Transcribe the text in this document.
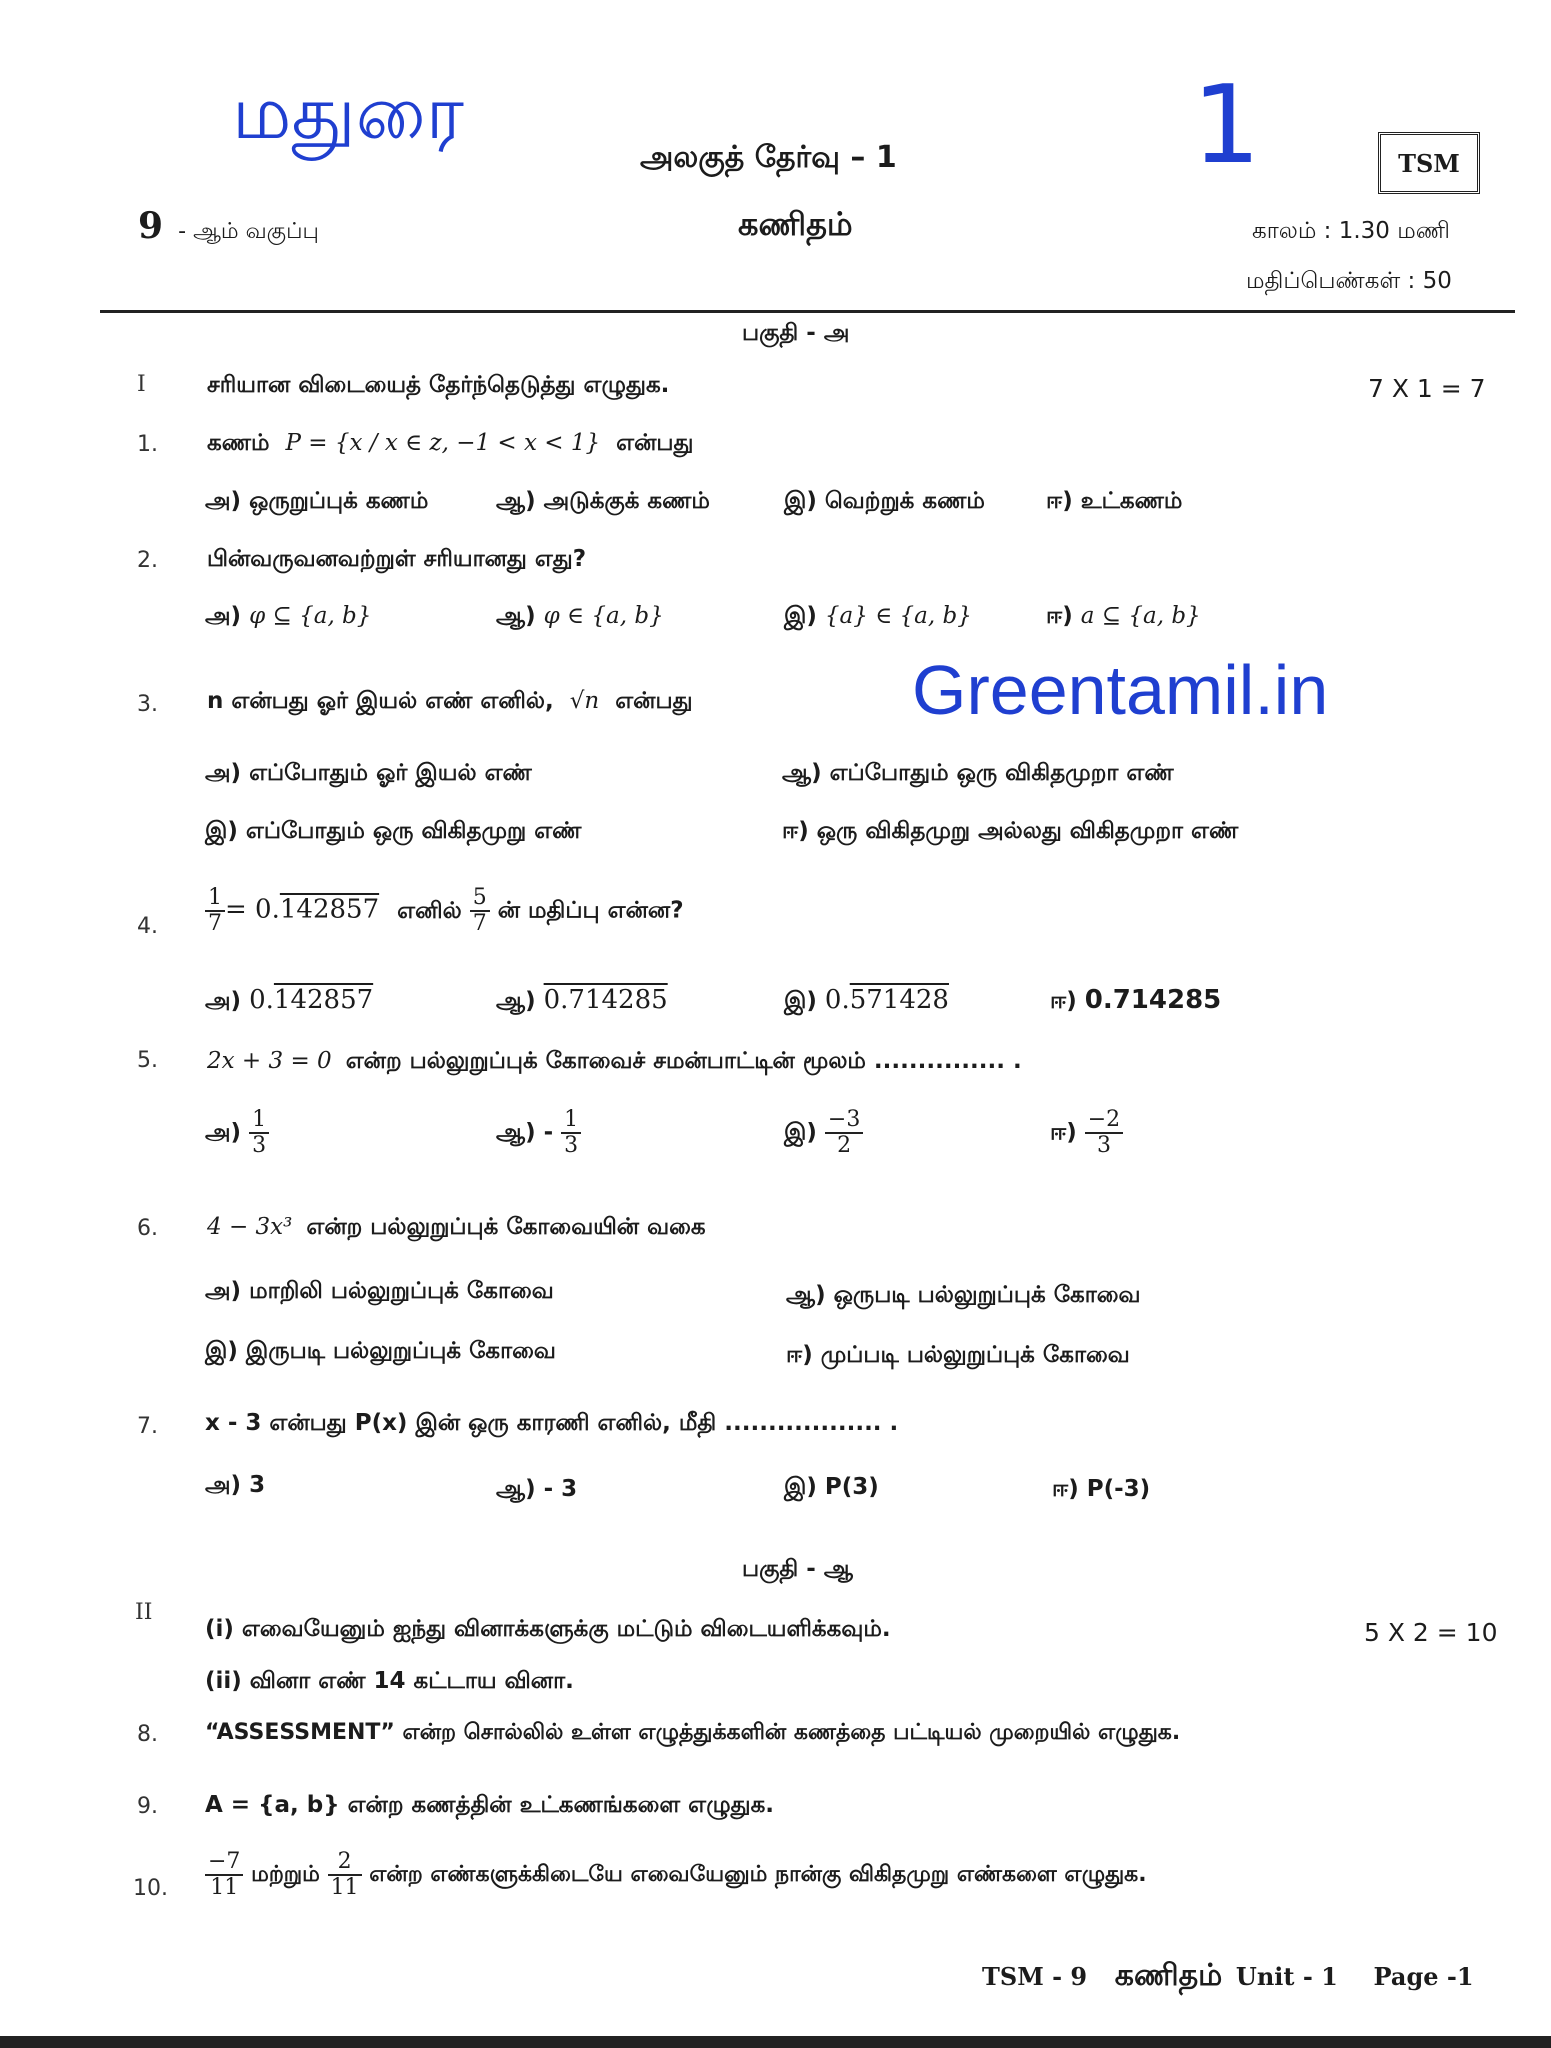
மதுரை	1
அலகுத் தேர்வு – 1	TSM
9 - ஆம் வகுப்பு	கணிதம்	காலம் : 1.30 மணி
மதிப்பெண்கள் : 50
பகுதி - அ
I	சரியான விடையைத் தேர்ந்தெடுத்து எழுதுக.	7 X 1 = 7
1. கணம் P = {x / x ∈ z, −1 < x < 1} என்பது
அ) ஒருறுப்புக் கணம்	ஆ) அடுக்குக் கணம்	இ) வெற்றுக் கணம்	ஈ) உட்கணம்
2. பின்வருவனவற்றுள் சரியானது எது?
அ) φ ⊆ {a, b}	ஆ) φ ∈ {a, b}	இ) {a} ∈ {a, b}	ஈ) a ⊆ {a, b}
3. n என்பது ஓர் இயல் எண் எனில், √n என்பது	Greentamil.in
அ) எப்போதும் ஓர் இயல் எண்	ஆ) எப்போதும் ஒரு விகிதமுறா எண்
இ) எப்போதும் ஒரு விகிதமுறு எண்	ஈ) ஒரு விகிதமுறு அல்லது விகிதமுறா எண்
4. $\frac{1}{7} = 0.142857$ எனில் $\frac{5}{7}$ ன் மதிப்பு என்ன?
அ) 0.142857	ஆ) 0.714285	இ) 0.571428	ஈ) 0.714285
5. 2x + 3 = 0 என்ற பல்லுறுப்புக் கோவைச் சமன்பாட்டின் மூலம் ............... .
அ) $\frac{1}{3}$	ஆ) - $\frac{1}{3}$	இ) $\frac{-3}{2}$	ஈ) $\frac{-2}{3}$
6. 4 − 3x³ என்ற பல்லுறுப்புக் கோவையின் வகை
அ) மாறிலி பல்லுறுப்புக் கோவை	ஆ) ஒருபடி பல்லுறுப்புக் கோவை
இ) இருபடி பல்லுறுப்புக் கோவை	ஈ) முப்படி பல்லுறுப்புக் கோவை
7. x - 3 என்பது P(x) இன் ஒரு காரணி எனில், மீதி .................. .
அ) 3	ஆ) - 3	இ) P(3)	ஈ) P(-3)
பகுதி - ஆ
II
(i) எவையேனும் ஐந்து வினாக்களுக்கு மட்டும் விடையளிக்கவும்.	5 X 2 = 10
(ii) வினா எண் 14 கட்டாய வினா.
8. “ASSESSMENT” என்ற சொல்லில் உள்ள எழுத்துக்களின் கணத்தை பட்டியல் முறையில் எழுதுக.
9. A = {a, b} என்ற கணத்தின் உட்கணங்களை எழுதுக.
10. $\frac{-7}{11}$ மற்றும் $\frac{2}{11}$ என்ற எண்களுக்கிடையே எவையேனும் நான்கு விகிதமுறு எண்களை எழுதுக.
TSM - 9 கணிதம் Unit - 1 Page -1
